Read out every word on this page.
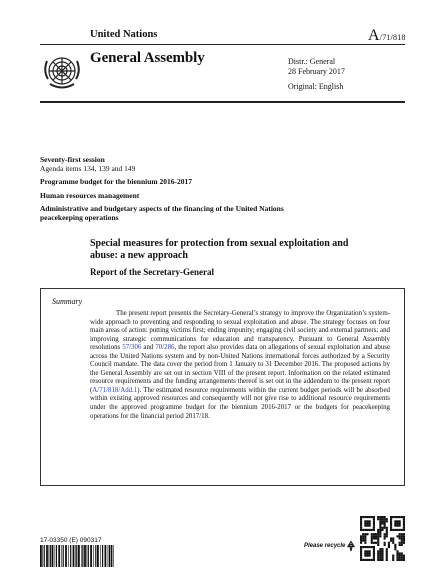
United Nations	A/71/818
General Assembly	Distr.: General
28 February 2017
Original: English
Seventy-first session
Agenda items 134, 139 and 149
Programme budget for the biennium 2016-2017
Human resources management
Administrative and budgetary aspects of the financing of the United Nations peacekeeping operations
Special measures for protection from sexual exploitation and abuse: a new approach
Report of the Secretary-General
Summary
The present report presents the Secretary-General’s strategy to improve the Organization’s system-wide approach to preventing and responding to sexual exploitation and abuse. The strategy focuses on four main areas of action: putting victims first; ending impunity; engaging civil society and external partners; and improving strategic communications for education and transparency. Pursuant to General Assembly resolutions 57/306 and 70/286, the report also provides data on allegations of sexual exploitation and abuse across the United Nations system and by non-United Nations international forces authorized by a Security Council mandate. The data cover the period from 1 January to 31 December 2016. The proposed actions by the General Assembly are set out in section VIII of the present report. Information on the related estimated resource requirements and the funding arrangements thereof is set out in the addendum to the present report (A/71/818/Add.1). The estimated resource requirements within the current budget periods will be absorbed within existing approved resources and consequently will not give rise to additional resource requirements under the approved programme budget for the biennium 2016-2017 or the budgets for peacekeeping operations for the financial period 2017/18.
17-03350 (E) 090317
Please recycle
